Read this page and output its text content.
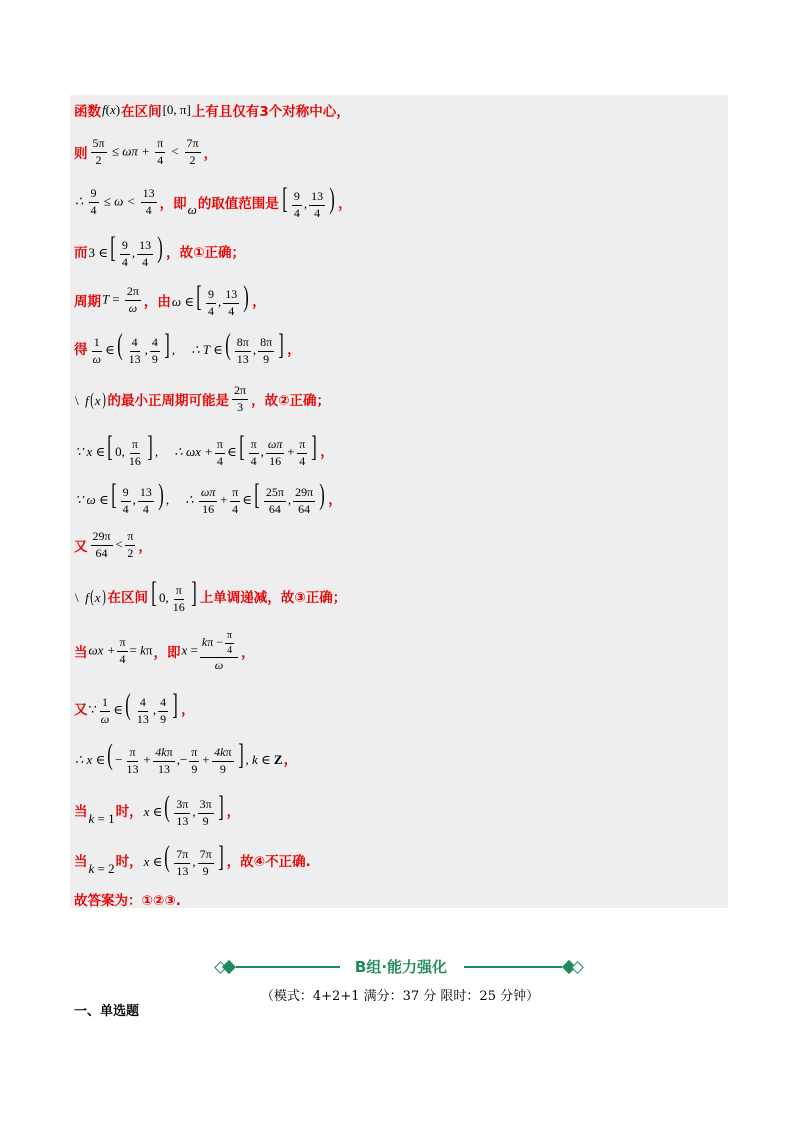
函数 f(x) 在区间 [0, π] 上有且仅有3个对称中心，
则 $\frac{5\pi}{2} \le \omega\pi + \frac{\pi}{4} < \frac{7\pi}{2}$ ，
∴ $\frac{9}{4} \le \omega < \frac{13}{4}$ ，即 ω 的取值范围是 [ $\frac{9}{4}$ , $\frac{13}{4}$ ) ，
而 3 ∈[ $\frac{9}{4}$ , $\frac{13}{4}$ ) ，故①正确；
周期 $T = \frac{2\pi}{\omega}$ ，由 ω ∈[ $\frac{9}{4}$ , $\frac{13}{4}$ ) ，
得 $\frac{1}{\omega}$ ∈( $\frac{4}{13}$ , $\frac{4}{9}$ ] ,     ∴ T ∈( $\frac{8\pi}{13}$ , $\frac{8\pi}{9}$ ] ，
\  f(x) 的最小正周期可能是 $\frac{2\pi}{3}$ ，故②正确；
∵ x ∈[ 0, $\frac{\pi}{16}$ ] ,     ∴ $\omega x + \frac{\pi}{4}$ ∈[ $\frac{\pi}{4}$ , $\frac{\omega\pi}{16} + \frac{\pi}{4}$ ] ，
∵ ω ∈[ $\frac{9}{4}$ , $\frac{13}{4}$ ) ,     ∴ $\frac{\omega\pi}{16} + \frac{\pi}{4}$ ∈[ $\frac{25\pi}{64}$ , $\frac{29\pi}{64}$ ) ，
又 $\frac{29\pi}{64} < \frac{\pi}{2}$ ，
\  f(x) 在区间 [ 0, $\frac{\pi}{16}$ ] 上单调递减，故③正确；
当 $\omega x + \frac{\pi}{4} = k\pi$ ，即 $x = \frac{k\pi - \frac{\pi}{4}}{\omega}$ ，
又 ∵ $\frac{1}{\omega}$ ∈( $\frac{4}{13}$ , $\frac{4}{9}$ ] ，
∴ x ∈( − $\frac{\pi}{13} + \frac{4k\pi}{13}$ ,− $\frac{\pi}{9} + \frac{4k\pi}{9}$ ] , k ∈ Z ，
当 k = 1 时， x ∈( $\frac{3\pi}{13}$ , $\frac{3\pi}{9}$ ] ，
当 k = 2 时， x ∈( $\frac{7\pi}{13}$ , $\frac{7\pi}{9}$ ] ，故④不正确.
故答案为：①②③.
B组·能力强化
（模式：4+2+1 满分：37 分 限时：25 分钟）
一、单选题
